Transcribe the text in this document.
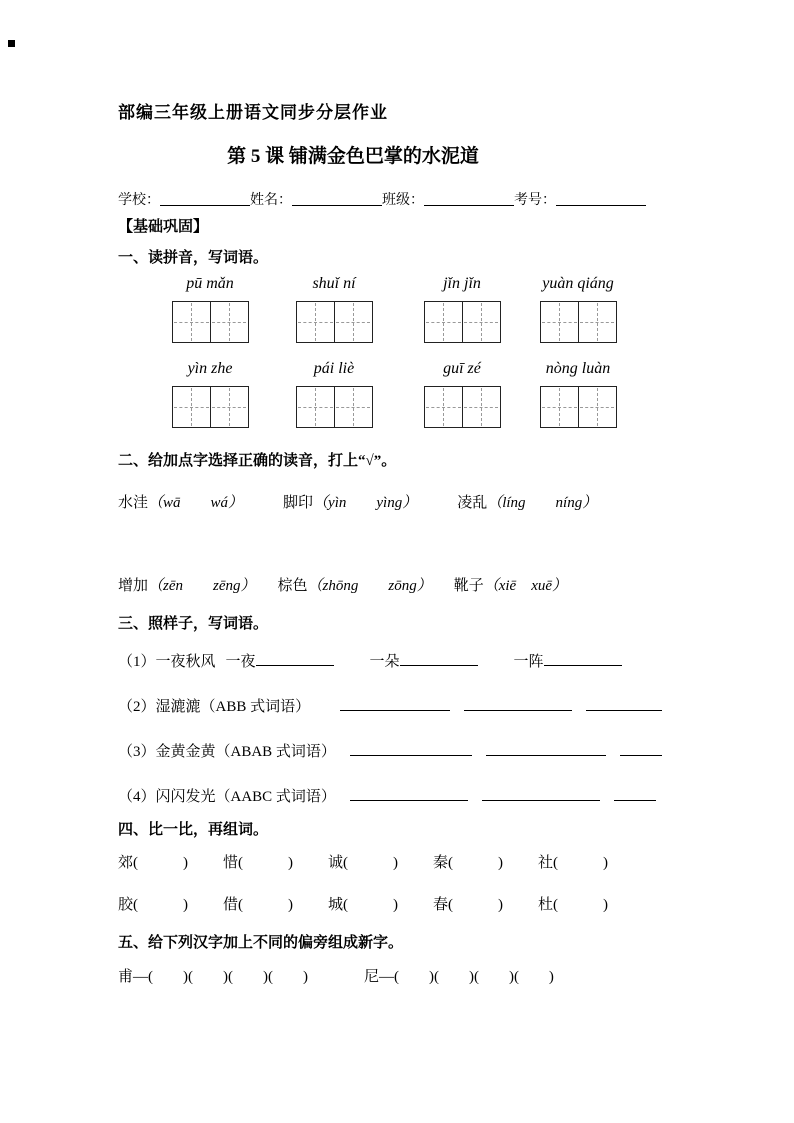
部编三年级上册语文同步分层作业
第 5 课 铺满金色巴掌的水泥道
学校：	姓名：	班级：	考号：
【基础巩固】
一、读拼音，写词语。
pū mǎn	shuǐ ní	jǐn jǐn	yuàn qiáng
yìn zhe	pái liè	guī zé	nòng luàn
二、给加点字选择正确的读音，打上“√”。
水洼（wā　　wá）	脚印（yìn　　yìng）	凌乱（líng　　níng）
增加（zēn　　zēng） 棕色（zhōng　　zōng） 靴子（xiē　xuē）
三、照样子，写词语。
（1）一夜秋风 一夜	一朵	一阵
（2）湿漉漉（ABB 式词语）
（3）金黄金黄（ABAB 式词语）
（4）闪闪发光（AABC 式词语）
四、比一比，再组词。
郊(　　　)	惜(　　　)	诚(　　　)	秦(　　　)	社(　　　)
胶(　　　)	借(　　　)	城(　　　)	春(　　　)	杜(　　　)
五、给下列汉字加上不同的偏旁组成新字。
甫—(　　)(　　)(　　)(　　)	尼—(　　)(　　)(　　)(　　)
